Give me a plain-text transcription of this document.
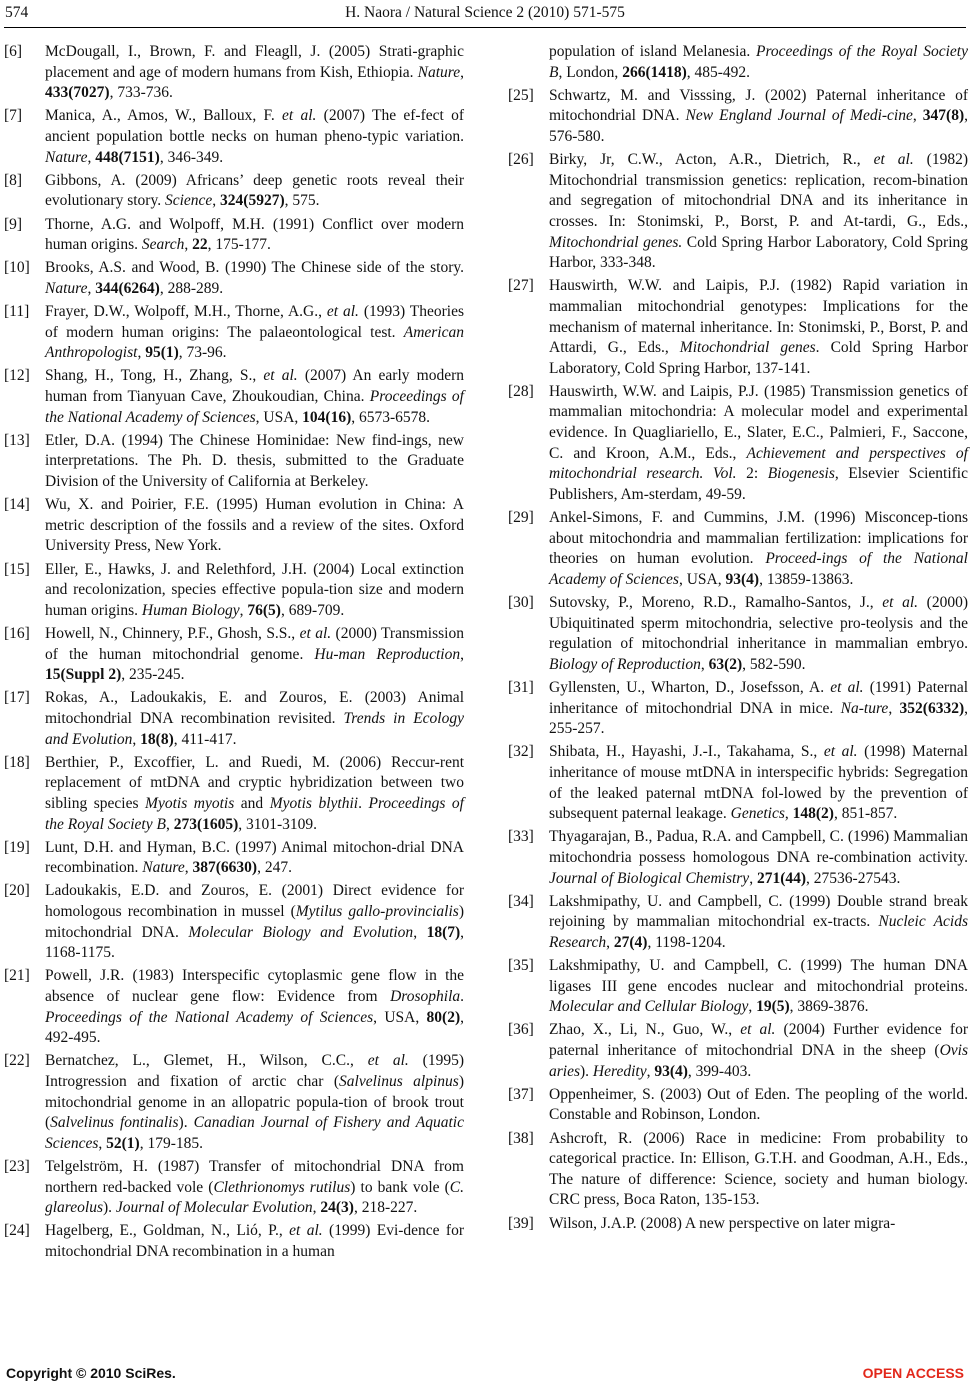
574	H. Naora / Natural Science 2 (2010) 571-575
[6] McDougall, I., Brown, F. and Fleagll, J. (2005) Strati-graphic placement and age of modern humans from Kish, Ethiopia. Nature, 433(7027), 733-736.
[7] Manica, A., Amos, W., Balloux, F. et al. (2007) The ef-fect of ancient population bottle necks on human pheno-typic variation. Nature, 448(7151), 346-349.
[8] Gibbons, A. (2009) Africans’ deep genetic roots reveal their evolutionary story. Science, 324(5927), 575.
[9] Thorne, A.G. and Wolpoff, M.H. (1991) Conflict over modern human origins. Search, 22, 175-177.
[10] Brooks, A.S. and Wood, B. (1990) The Chinese side of the story. Nature, 344(6264), 288-289.
[11] Frayer, D.W., Wolpoff, M.H., Thorne, A.G., et al. (1993) Theories of modern human origins: The palaeontological test. American Anthropologist, 95(1), 73-96.
[12] Shang, H., Tong, H., Zhang, S., et al. (2007) An early modern human from Tianyuan Cave, Zhoukoudian, China. Proceedings of the National Academy of Sciences, USA, 104(16), 6573-6578.
[13] Etler, D.A. (1994) The Chinese Hominidae: New find-ings, new interpretations. The Ph. D. thesis, submitted to the Graduate Division of the University of California at Berkeley.
[14] Wu, X. and Poirier, F.E. (1995) Human evolution in China: A metric description of the fossils and a review of the sites. Oxford University Press, New York.
[15] Eller, E., Hawks, J. and Relethford, J.H. (2004) Local extinction and recolonization, species effective popula-tion size and modern human origins. Human Biology, 76(5), 689-709.
[16] Howell, N., Chinnery, P.F., Ghosh, S.S., et al. (2000) Transmission of the human mitochondrial genome. Hu-man Reproduction, 15(Suppl 2), 235-245.
[17] Rokas, A., Ladoukakis, E. and Zouros, E. (2003) Animal mitochondrial DNA recombination revisited. Trends in Ecology and Evolution, 18(8), 411-417.
[18] Berthier, P., Excoffier, L. and Ruedi, M. (2006) Reccur-rent replacement of mtDNA and cryptic hybridization between two sibling species Myotis myotis and Myotis blythii. Proceedings of the Royal Society B, 273(1605), 3101-3109.
[19] Lunt, D.H. and Hyman, B.C. (1997) Animal mitochon-drial DNA recombination. Nature, 387(6630), 247.
[20] Ladoukakis, E.D. and Zouros, E. (2001) Direct evidence for homologous recombination in mussel (Mytilus gallo-provincialis) mitochondrial DNA. Molecular Biology and Evolution, 18(7), 1168-1175.
[21] Powell, J.R. (1983) Interspecific cytoplasmic gene flow in the absence of nuclear gene flow: Evidence from Drosophila. Proceedings of the National Academy of Sciences, USA, 80(2), 492-495.
[22] Bernatchez, L., Glemet, H., Wilson, C.C., et al. (1995) Introgression and fixation of arctic char (Salvelinus alpinus) mitochondrial genome in an allopatric popula-tion of brook trout (Salvelinus fontinalis). Canadian Journal of Fishery and Aquatic Sciences, 52(1), 179-185.
[23] Telgelström, H. (1987) Transfer of mitochondrial DNA from northern red-backed vole (Clethrionomys rutilus) to bank vole (C. glareolus). Journal of Molecular Evolution, 24(3), 218-227.
[24] Hagelberg, E., Goldman, N., Lió, P., et al. (1999) Evi-dence for mitochondrial DNA recombination in a human
population of island Melanesia. Proceedings of the Royal Society B, London, 266(1418), 485-492.
[25] Schwartz, M. and Visssing, J. (2002) Paternal inheritance of mitochondrial DNA. New England Journal of Medi-cine, 347(8), 576-580.
[26] Birky, Jr, C.W., Acton, A.R., Dietrich, R., et al. (1982) Mitochondrial transmission genetics: replication, recom-bination and segregation of mitochondrial DNA and its inheritance in crosses. In: Stonimski, P., Borst, P. and At-tardi, G., Eds., Mitochondrial genes. Cold Spring Harbor Laboratory, Cold Spring Harbor, 333-348.
[27] Hauswirth, W.W. and Laipis, P.J. (1982) Rapid variation in mammalian mitochondrial genotypes: Implications for the mechanism of maternal inheritance. In: Stonimski, P., Borst, P. and Attardi, G., Eds., Mitochondrial genes. Cold Spring Harbor Laboratory, Cold Spring Harbor, 137-141.
[28] Hauswirth, W.W. and Laipis, P.J. (1985) Transmission genetics of mammalian mitochondria: A molecular model and experimental evidence. In Quagliariello, E., Slater, E.C., Palmieri, F., Saccone, C. and Kroon, A.M., Eds., Achievement and perspectives of mitochondrial research. Vol. 2: Biogenesis, Elsevier Scientific Publishers, Am-sterdam, 49-59.
[29] Ankel-Simons, F. and Cummins, J.M. (1996) Misconcep-tions about mitochondria and mammalian fertilization: implications for theories on human evolution. Proceed-ings of the National Academy of Sciences, USA, 93(4), 13859-13863.
[30] Sutovsky, P., Moreno, R.D., Ramalho-Santos, J., et al. (2000) Ubiquitinated sperm mitochondria, selective pro-teolysis and the regulation of mitochondrial inheritance in mammalian embryo. Biology of Reproduction, 63(2), 582-590.
[31] Gyllensten, U., Wharton, D., Josefsson, A. et al. (1991) Paternal inheritance of mitochondrial DNA in mice. Na-ture, 352(6332), 255-257.
[32] Shibata, H., Hayashi, J.-I., Takahama, S., et al. (1998) Maternal inheritance of mouse mtDNA in interspecific hybrids: Segregation of the leaked paternal mtDNA fol-lowed by the prevention of subsequent paternal leakage. Genetics, 148(2), 851-857.
[33] Thyagarajan, B., Padua, R.A. and Campbell, C. (1996) Mammalian mitochondria possess homologous DNA re-combination activity. Journal of Biological Chemistry, 271(44), 27536-27543.
[34] Lakshmipathy, U. and Campbell, C. (1999) Double strand break rejoining by mammalian mitochondrial ex-tracts. Nucleic Acids Research, 27(4), 1198-1204.
[35] Lakshmipathy, U. and Campbell, C. (1999) The human DNA ligases III gene encodes nuclear and mitochondrial proteins. Molecular and Cellular Biology, 19(5), 3869-3876.
[36] Zhao, X., Li, N., Guo, W., et al. (2004) Further evidence for paternal inheritance of mitochondrial DNA in the sheep (Ovis aries). Heredity, 93(4), 399-403.
[37] Oppenheimer, S. (2003) Out of Eden. The peopling of the world. Constable and Robinson, London.
[38] Ashcroft, R. (2006) Race in medicine: From probability to categorical practice. In: Ellison, G.T.H. and Goodman, A.H., Eds., The nature of difference: Science, society and human biology. CRC press, Boca Raton, 135-153.
[39] Wilson, J.A.P. (2008) A new perspective on later migra-
Copyright © 2010 SciRes.	OPEN ACCESS
